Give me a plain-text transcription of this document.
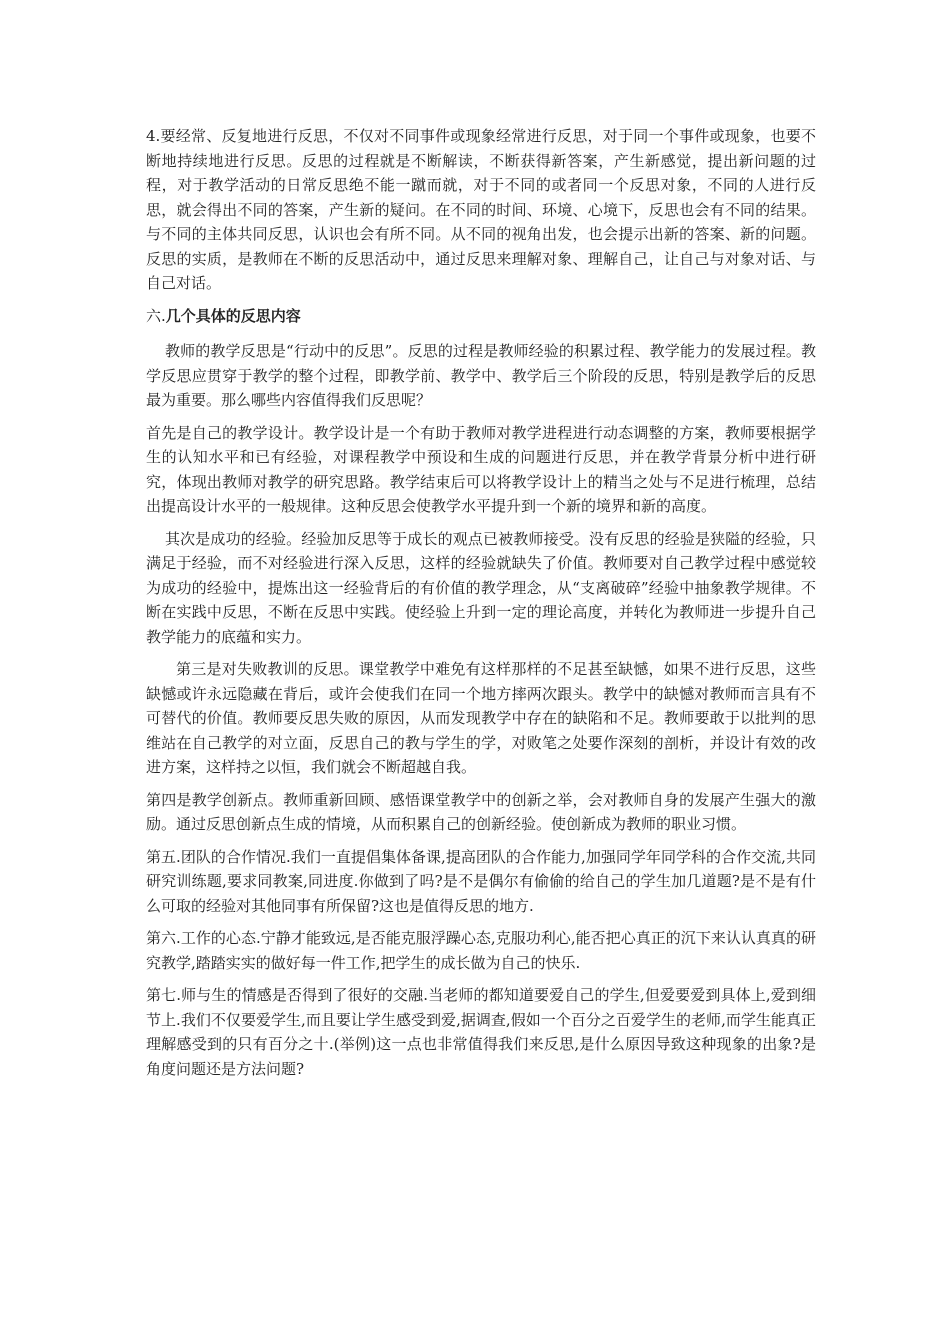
4.要经常、反复地进行反思，不仅对不同事件或现象经常进行反思，对于同一个事件或现象，也要不断地持续地进行反思。反思的过程就是不断解读，不断获得新答案，产生新感觉，提出新问题的过程，对于教学活动的日常反思绝不能一蹴而就，对于不同的或者同一个反思对象，不同的人进行反思，就会得出不同的答案，产生新的疑问。在不同的时间、环境、心境下，反思也会有不同的结果。与不同的主体共同反思，认识也会有所不同。从不同的视角出发，也会提示出新的答案、新的问题。反思的实质，是教师在不断的反思活动中，通过反思来理解对象、理解自己，让自己与对象对话、与自己对话。

六.几个具体的反思内容

教师的教学反思是“行动中的反思”。反思的过程是教师经验的积累过程、教学能力的发展过程。教学反思应贯穿于教学的整个过程，即教学前、教学中、教学后三个阶段的反思，特别是教学后的反思最为重要。那么哪些内容值得我们反思呢？

首先是自己的教学设计。教学设计是一个有助于教师对教学进程进行动态调整的方案，教师要根据学生的认知水平和已有经验，对课程教学中预设和生成的问题进行反思，并在教学背景分析中进行研究，体现出教师对教学的研究思路。教学结束后可以将教学设计上的精当之处与不足进行梳理，总结出提高设计水平的一般规律。这种反思会使教学水平提升到一个新的境界和新的高度。

其次是成功的经验。经验加反思等于成长的观点已被教师接受。没有反思的经验是狭隘的经验，只满足于经验，而不对经验进行深入反思，这样的经验就缺失了价值。教师要对自己教学过程中感觉较为成功的经验中，提炼出这一经验背后的有价值的教学理念，从“支离破碎”经验中抽象教学规律。不断在实践中反思，不断在反思中实践。使经验上升到一定的理论高度，并转化为教师进一步提升自己教学能力的底蕴和实力。

第三是对失败教训的反思。课堂教学中难免有这样那样的不足甚至缺憾，如果不进行反思，这些缺憾或许永远隐藏在背后，或许会使我们在同一个地方摔两次跟头。教学中的缺憾对教师而言具有不可替代的价值。教师要反思失败的原因，从而发现教学中存在的缺陷和不足。教师要敢于以批判的思维站在自己教学的对立面，反思自己的教与学生的学，对败笔之处要作深刻的剖析，并设计有效的改进方案，这样持之以恒，我们就会不断超越自我。

第四是教学创新点。教师重新回顾、感悟课堂教学中的创新之举，会对教师自身的发展产生强大的激励。通过反思创新点生成的情境，从而积累自己的创新经验。使创新成为教师的职业习惯。

第五.团队的合作情况.我们一直提倡集体备课,提高团队的合作能力,加强同学年同学科的合作交流,共同研究训练题,要求同教案,同进度.你做到了吗?是不是偶尔有偷偷的给自己的学生加几道题?是不是有什么可取的经验对其他同事有所保留?这也是值得反思的地方.

第六.工作的心态.宁静才能致远,是否能克服浮躁心态,克服功利心,能否把心真正的沉下来认认真真的研究教学,踏踏实实的做好每一件工作,把学生的成长做为自己的快乐.

第七.师与生的情感是否得到了很好的交融.当老师的都知道要爱自己的学生,但爱要爱到具体上,爱到细节上.我们不仅要爱学生,而且要让学生感受到爱,据调查,假如一个百分之百爱学生的老师,而学生能真正理解感受到的只有百分之十.(举例)这一点也非常值得我们来反思,是什么原因导致这种现象的出象?是角度问题还是方法问题?
